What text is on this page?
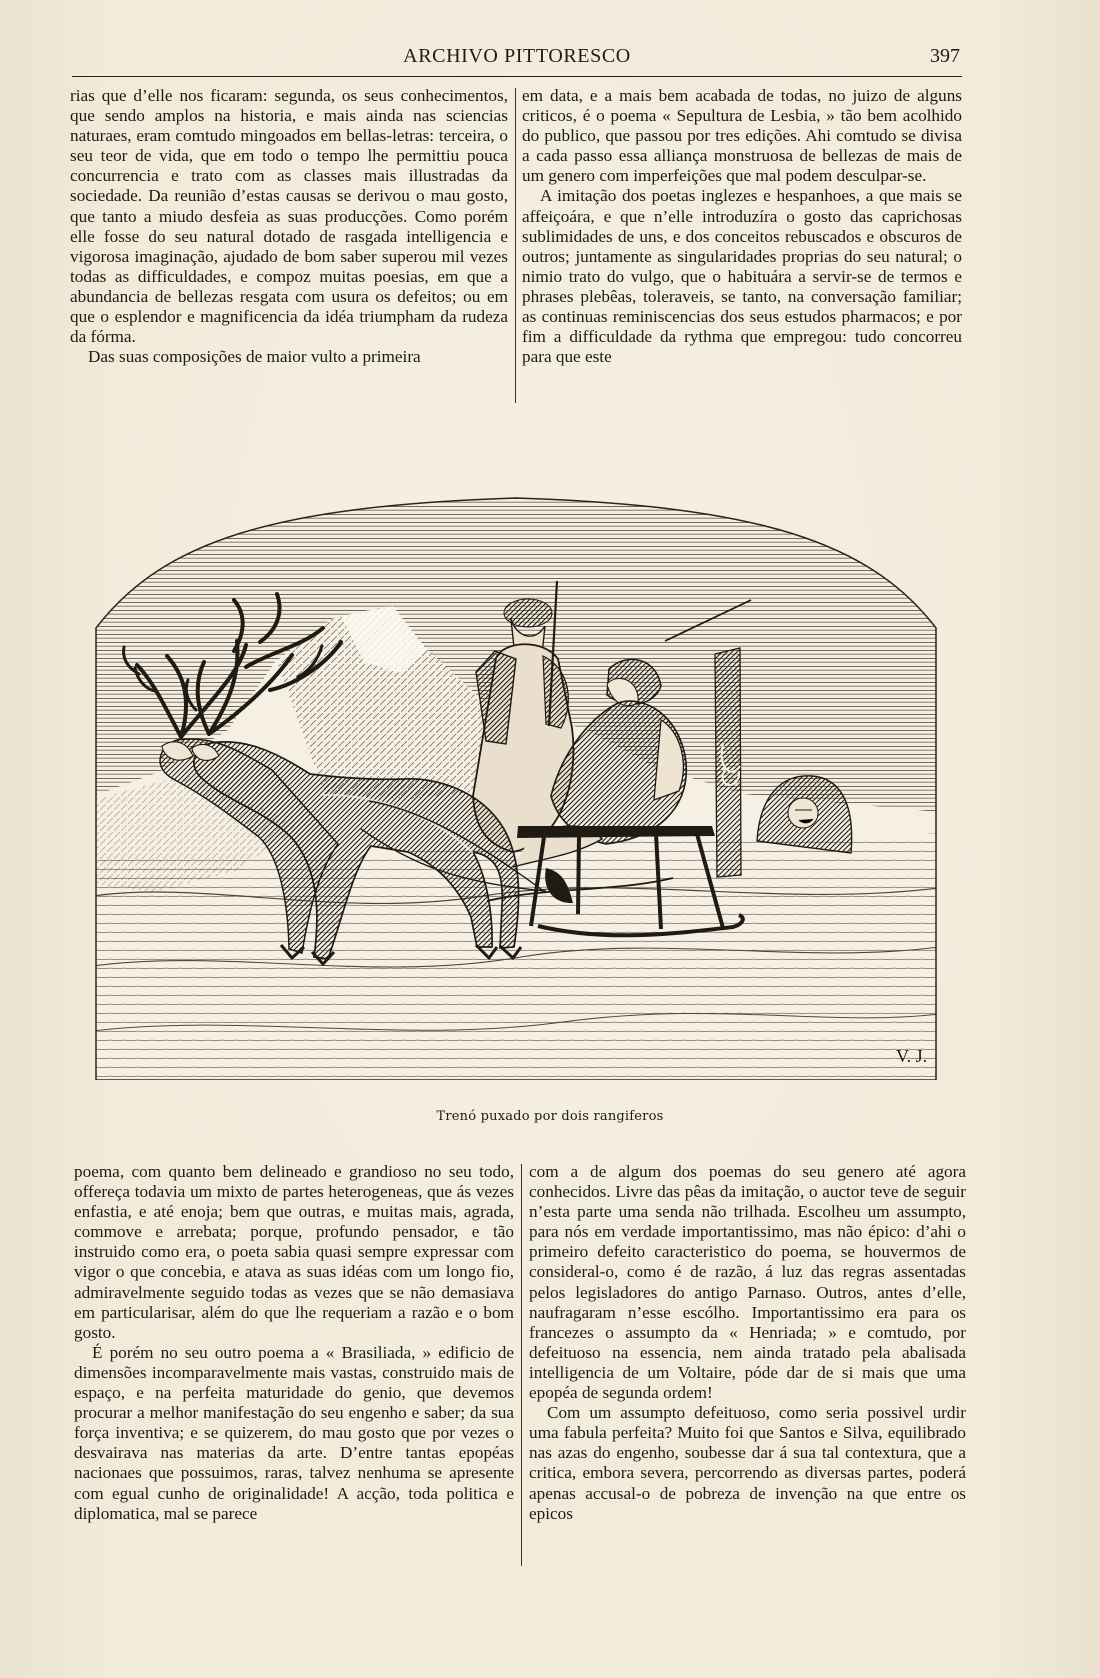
ARCHIVO PITTORESCO	397

rias que d’elle nos ficaram: segunda, os seus conhecimentos, que sendo amplos na historia, e mais ainda nas sciencias naturaes, eram comtudo mingoados em bellas-letras: terceira, o seu teor de vida, que em todo o tempo lhe permittiu pouca concurrencia e trato com as classes mais illustradas da sociedade. Da reunião d’estas causas se derivou o mau gosto, que tanto a miudo desfeia as suas producções. Como porém elle fosse do seu natural dotado de rasgada intelligencia e vigorosa imaginação, ajudado de bom saber superou mil vezes todas as difficuldades, e compoz muitas poesias, em que a abundancia de bellezas resgata com usura os defeitos; ou em que o esplendor e magnificencia da idéa triumpham da rudeza da fórma.

Das suas composições de maior vulto a primeira

em data, e a mais bem acabada de todas, no juizo de alguns criticos, é o poema « Sepultura de Lesbia, » tão bem acolhido do publico, que passou por tres edições. Ahi comtudo se divisa a cada passo essa alliança monstruosa de bellezas de mais de um genero com imperfeições que mal podem desculpar-se.

A imitação dos poetas inglezes e hespanhoes, a que mais se affeiçoára, e que n’elle introduzíra o gosto das caprichosas sublimidades de uns, e dos conceitos rebuscados e obscuros de outros; juntamente as singularidades proprias do seu natural; o nimio trato do vulgo, que o habituára a servir-se de termos e phrases plebêas, toleraveis, se tanto, na conversação familiar; as continuas reminiscencias dos seus estudos pharmacos; e por fim a difficuldade da rythma que empregou: tudo concorreu para que este

V. J.
Trenó puxado por dois rangiferos

poema, com quanto bem delineado e grandioso no seu todo, offereça todavia um mixto de partes heterogeneas, que ás vezes enfastia, e até enoja; bem que outras, e muitas mais, agrada, commove e arrebata; porque, profundo pensador, e tão instruido como era, o poeta sabia quasi sempre expressar com vigor o que concebia, e atava as suas idéas com um longo fio, admiravelmente seguido todas as vezes que se não demasiava em particularisar, além do que lhe requeriam a razão e o bom gosto.

É porém no seu outro poema a « Brasiliada, » edificio de dimensões incomparavelmente mais vastas, construido mais de espaço, e na perfeita maturidade do genio, que devemos procurar a melhor manifestação do seu engenho e saber; da sua força inventiva; e se quizerem, do mau gosto que por vezes o desvairava nas materias da arte. D’entre tantas epopéas nacionaes que possuimos, raras, talvez nenhuma se apresente com egual cunho de originalidade! A acção, toda politica e diplomatica, mal se parece

com a de algum dos poemas do seu genero até agora conhecidos. Livre das pêas da imitação, o auctor teve de seguir n’esta parte uma senda não trilhada. Escolheu um assumpto, para nós em verdade importantissimo, mas não épico: d’ahi o primeiro defeito caracteristico do poema, se houvermos de consideral-o, como é de razão, á luz das regras assentadas pelos legisladores do antigo Parnaso. Outros, antes d’elle, naufragaram n’esse escólho. Importantissimo era para os francezes o assumpto da « Henriada; » e comtudo, por defeituoso na essencia, nem ainda tratado pela abalisada intelligencia de um Voltaire, póde dar de si mais que uma epopéa de segunda ordem!

Com um assumpto defeituoso, como seria possivel urdir uma fabula perfeita? Muito foi que Santos e Silva, equilibrado nas azas do engenho, soubesse dar á sua tal contextura, que a critica, embora severa, percorrendo as diversas partes, poderá apenas accusal-o de pobreza de invenção na que entre os epicos
